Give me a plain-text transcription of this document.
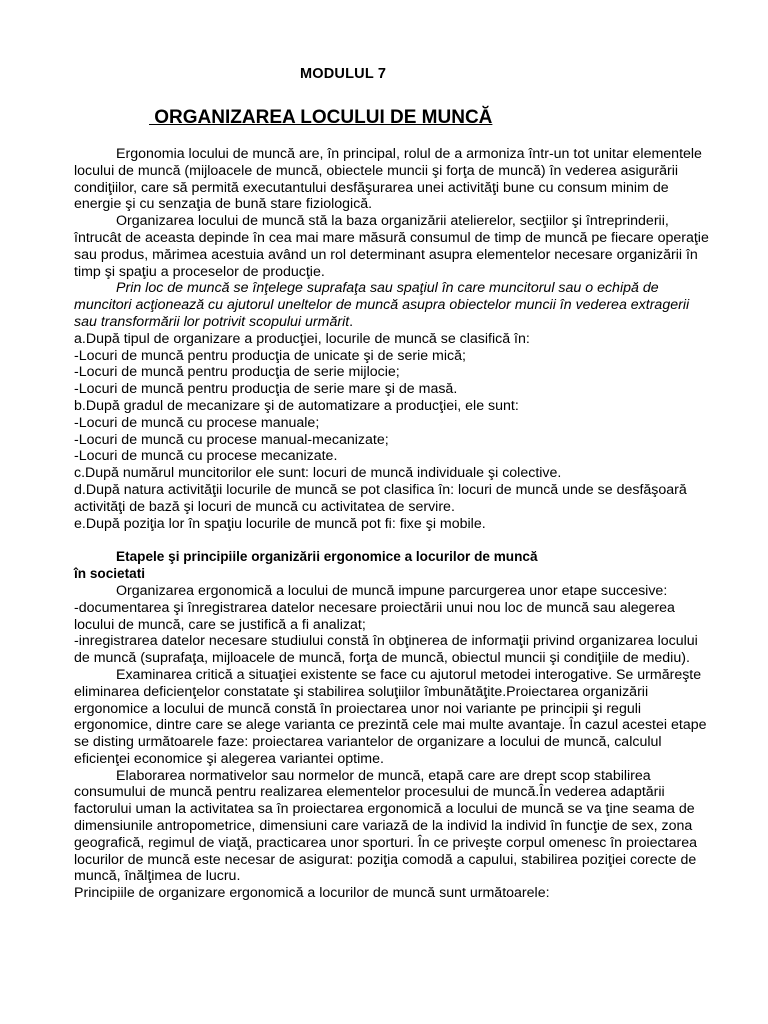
MODULUL 7
ORGANIZAREA LOCULUI DE MUNCĂ

Ergonomia locului de muncă are, în principal, rolul de a armoniza într-un tot unitar elementele locului de muncă (mijloacele de muncă, obiectele muncii şi forţa de muncă) în vederea asigurării condiţiilor, care să permită executantului desfăşurarea unei activităţi bune cu consum minim de energie şi cu senzaţia de bună stare fiziologică.

Organizarea locului de muncă stă la baza organizării atelierelor, secţiilor şi întreprinderii, întrucât de aceasta depinde în cea mai mare măsură consumul de timp de muncă pe fiecare operaţie sau produs, mărimea acestuia având un rol determinant asupra elementelor necesare organizării în timp şi spaţiu a proceselor de producţie.

Prin loc de muncă se înţelege suprafaţa sau spaţiul în care muncitorul sau o echipă de muncitori acţionează cu ajutorul uneltelor de muncă asupra obiectelor muncii în vederea extragerii sau transformării lor potrivit scopului urmărit.

a.După tipul de organizare a producţiei, locurile de muncă se clasifică în:

-Locuri de muncă pentru producţia de unicate şi de serie mică;

-Locuri de muncă pentru producţia de serie mijlocie;

-Locuri de muncă pentru producţia de serie mare şi de masă.

b.După gradul de mecanizare şi de automatizare a producţiei, ele sunt:

-Locuri de muncă cu procese manuale;

-Locuri de muncă cu procese manual-mecanizate;

-Locuri de muncă cu procese mecanizate.

c.După numărul muncitorilor ele sunt: locuri de muncă individuale şi colective.

d.După natura activităţii locurile de muncă se pot clasifica în: locuri de muncă unde se desfăşoară activităţi de bază şi locuri de muncă cu activitatea de servire.

e.După poziţia lor în spaţiu locurile de muncă pot fi: fixe şi mobile.

Etapele şi principiile organizării ergonomice a locurilor de muncă

în societati

Organizarea ergonomică a locului de muncă impune parcurgerea unor etape succesive:

-documentarea şi înregistrarea datelor necesare proiectării unui nou loc de muncă sau alegerea locului de muncă, care se justifică a fi analizat;

-inregistrarea datelor necesare studiului constă în obţinerea de informaţii privind organizarea locului de muncă (suprafaţa, mijloacele de muncă, forţa de muncă, obiectul muncii şi condiţiile de mediu).

Examinarea critică a situaţiei existente se face cu ajutorul metodei interogative. Se urmăreşte eliminarea deficienţelor constatate şi stabilirea soluţiilor îmbunătăţite.Proiectarea organizării ergonomice a locului de muncă constă în proiectarea unor noi variante pe principii şi reguli ergonomice, dintre care se alege varianta ce prezintă cele mai multe avantaje. În cazul acestei etape se disting următoarele faze: proiectarea variantelor de organizare a locului de muncă, calculul eficienţei economice şi alegerea variantei optime.

Elaborarea normativelor sau normelor de muncă, etapă care are drept scop stabilirea consumului de muncă pentru realizarea elementelor procesului de muncă.În vederea adaptării factorului uman la activitatea sa în proiectarea ergonomică a locului de muncă se va ţine seama de dimensiunile antropometrice, dimensiuni care variază de la individ la individ în funcţie de sex, zona geografică, regimul de viaţă, practicarea unor sporturi. În ce priveşte corpul omenesc în proiectarea locurilor de muncă este necesar de asigurat: poziţia comodă a capului, stabilirea poziţiei corecte de muncă, înălţimea de lucru.

Principiile de organizare ergonomică a locurilor de muncă sunt următoarele:
